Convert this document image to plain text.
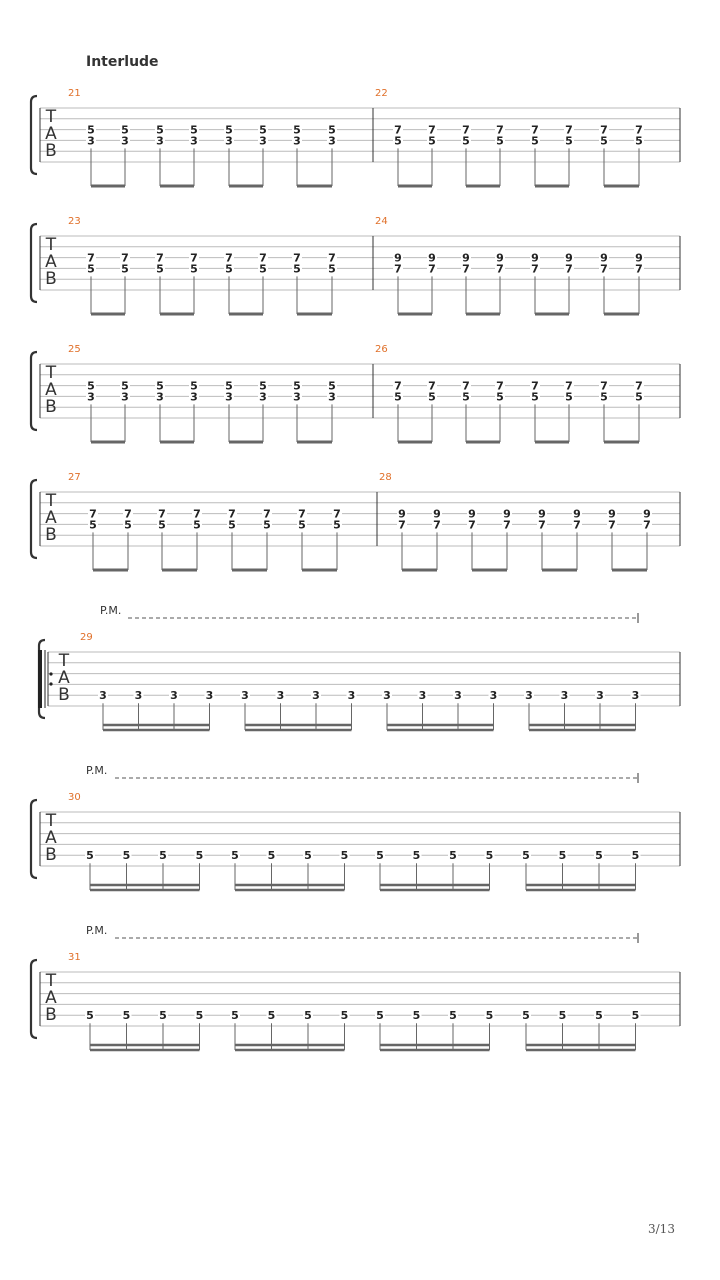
Interlude
T
A
B
21
5
3
5
3
5
3
5
3
5
3
5
3
5
3
5
3
22
7
5
7
5
7
5
7
5
7
5
7
5
7
5
7
5
T
A
B
23
7
5
7
5
7
5
7
5
7
5
7
5
7
5
7
5
24
9
7
9
7
9
7
9
7
9
7
9
7
9
7
9
7
T
A
B
25
5
3
5
3
5
3
5
3
5
3
5
3
5
3
5
3
26
7
5
7
5
7
5
7
5
7
5
7
5
7
5
7
5
T
A
B
27
7
5
7
5
7
5
7
5
7
5
7
5
7
5
7
5
28
9
7
9
7
9
7
9
7
9
7
9
7
9
7
9
7
T
A
B
P.M.
29
3	3	3	3	3	3	3	3	3	3	3	3	3	3	3	3
T
A
B
P.M.
30
5	5	5	5	5	5	5	5	5	5	5	5	5	5	5	5
T
A
B
P.M.
31
5	5	5	5	5	5	5	5	5	5	5	5	5	5	5	5
3/13
